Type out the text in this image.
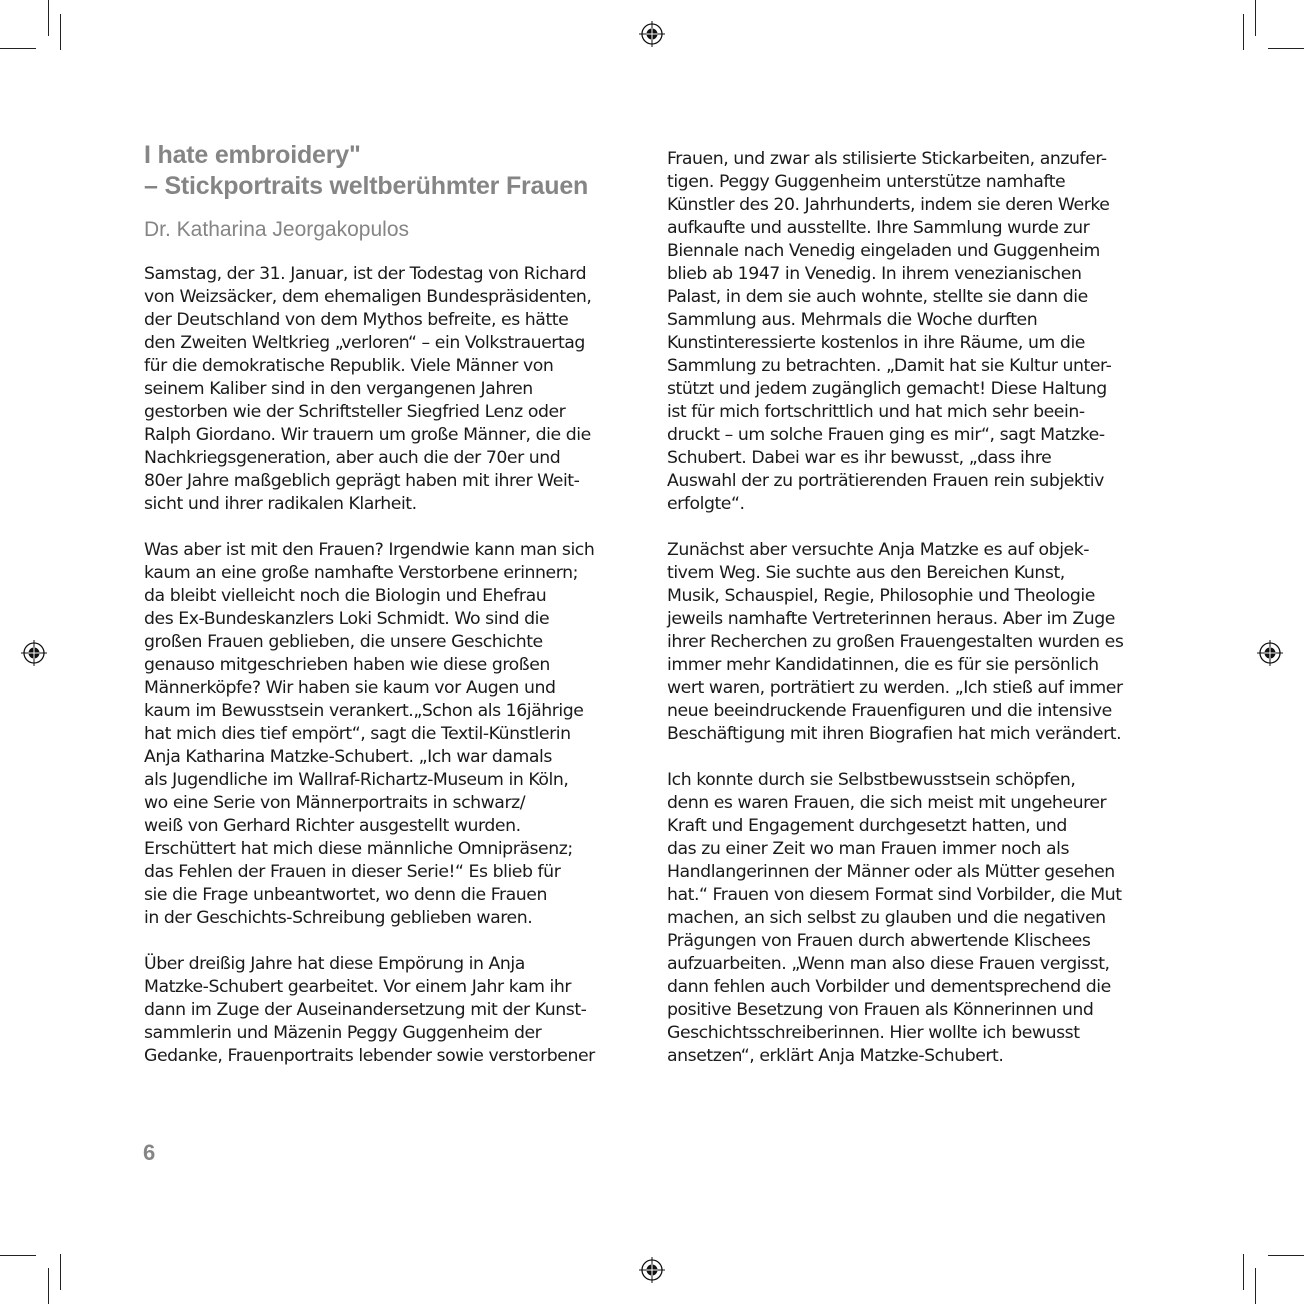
I hate embroidery"
– Stickportraits weltberühmter Frauen
Dr. Katharina Jeorgakopulos
Samstag, der 31. Januar, ist der Todestag von Richard
von Weizsäcker, dem ehemaligen Bundespräsidenten,
der Deutschland von dem Mythos befreite, es hätte
den Zweiten Weltkrieg „verloren“ – ein Volkstrauertag
für die demokratische Republik. Viele Männer von
seinem Kaliber sind in den vergangenen Jahren
gestorben wie der Schriftsteller Siegfried Lenz oder
Ralph Giordano. Wir trauern um große Männer, die die
Nachkriegsgeneration, aber auch die der 70er und
80er Jahre maßgeblich geprägt haben mit ihrer Weit-
sicht und ihrer radikalen Klarheit.
Was aber ist mit den Frauen? Irgendwie kann man sich
kaum an eine große namhafte Verstorbene erinnern;
da bleibt vielleicht noch die Biologin und Ehefrau
des Ex-Bundeskanzlers Loki Schmidt. Wo sind die
großen Frauen geblieben, die unsere Geschichte
genauso mitgeschrieben haben wie diese großen
Männerköpfe? Wir haben sie kaum vor Augen und
kaum im Bewusstsein verankert.„Schon als 16jährige
hat mich dies tief empört“, sagt die Textil-Künstlerin
Anja Katharina Matzke-Schubert. „Ich war damals
als Jugendliche im Wallraf-Richartz-Museum in Köln,
wo eine Serie von Männerportraits in schwarz/
weiß von Gerhard Richter ausgestellt wurden.
Erschüttert hat mich diese männliche Omnipräsenz;
das Fehlen der Frauen in dieser Serie!“ Es blieb für
sie die Frage unbeantwortet, wo denn die Frauen
in der Geschichts-Schreibung geblieben waren.
Über dreißig Jahre hat diese Empörung in Anja
Matzke-Schubert gearbeitet. Vor einem Jahr kam ihr
dann im Zuge der Auseinandersetzung mit der Kunst-
sammlerin und Mäzenin Peggy Guggenheim der
Gedanke, Frauenportraits lebender sowie verstorbener
Frauen, und zwar als stilisierte Stickarbeiten, anzufer-
tigen. Peggy Guggenheim unterstütze namhafte
Künstler des 20. Jahrhunderts, indem sie deren Werke
aufkaufte und ausstellte. Ihre Sammlung wurde zur
Biennale nach Venedig eingeladen und Guggenheim
blieb ab 1947 in Venedig. In ihrem venezianischen
Palast, in dem sie auch wohnte, stellte sie dann die
Sammlung aus. Mehrmals die Woche durften
Kunstinteressierte kostenlos in ihre Räume, um die
Sammlung zu betrachten. „Damit hat sie Kultur unter-
stützt und jedem zugänglich gemacht! Diese Haltung
ist für mich fortschrittlich und hat mich sehr beein-
druckt – um solche Frauen ging es mir“, sagt Matzke-
Schubert. Dabei war es ihr bewusst, „dass ihre
Auswahl der zu porträtierenden Frauen rein subjektiv
erfolgte“.
Zunächst aber versuchte Anja Matzke es auf objek-
tivem Weg. Sie suchte aus den Bereichen Kunst,
Musik, Schauspiel, Regie, Philosophie und Theologie
jeweils namhafte Vertreterinnen heraus. Aber im Zuge
ihrer Recherchen zu großen Frauengestalten wurden es
immer mehr Kandidatinnen, die es für sie persönlich
wert waren, porträtiert zu werden. „Ich stieß auf immer
neue beeindruckende Frauenfiguren und die intensive
Beschäftigung mit ihren Biografien hat mich verändert.
Ich konnte durch sie Selbstbewusstsein schöpfen,
denn es waren Frauen, die sich meist mit ungeheurer
Kraft und Engagement durchgesetzt hatten, und
das zu einer Zeit wo man Frauen immer noch als
Handlangerinnen der Männer oder als Mütter gesehen
hat.“ Frauen von diesem Format sind Vorbilder, die Mut
machen, an sich selbst zu glauben und die negativen
Prägungen von Frauen durch abwertende Klischees
aufzuarbeiten. „Wenn man also diese Frauen vergisst,
dann fehlen auch Vorbilder und dementsprechend die
positive Besetzung von Frauen als Könnerinnen und
Geschichtsschreiberinnen. Hier wollte ich bewusst
ansetzen“, erklärt Anja Matzke-Schubert.
6
